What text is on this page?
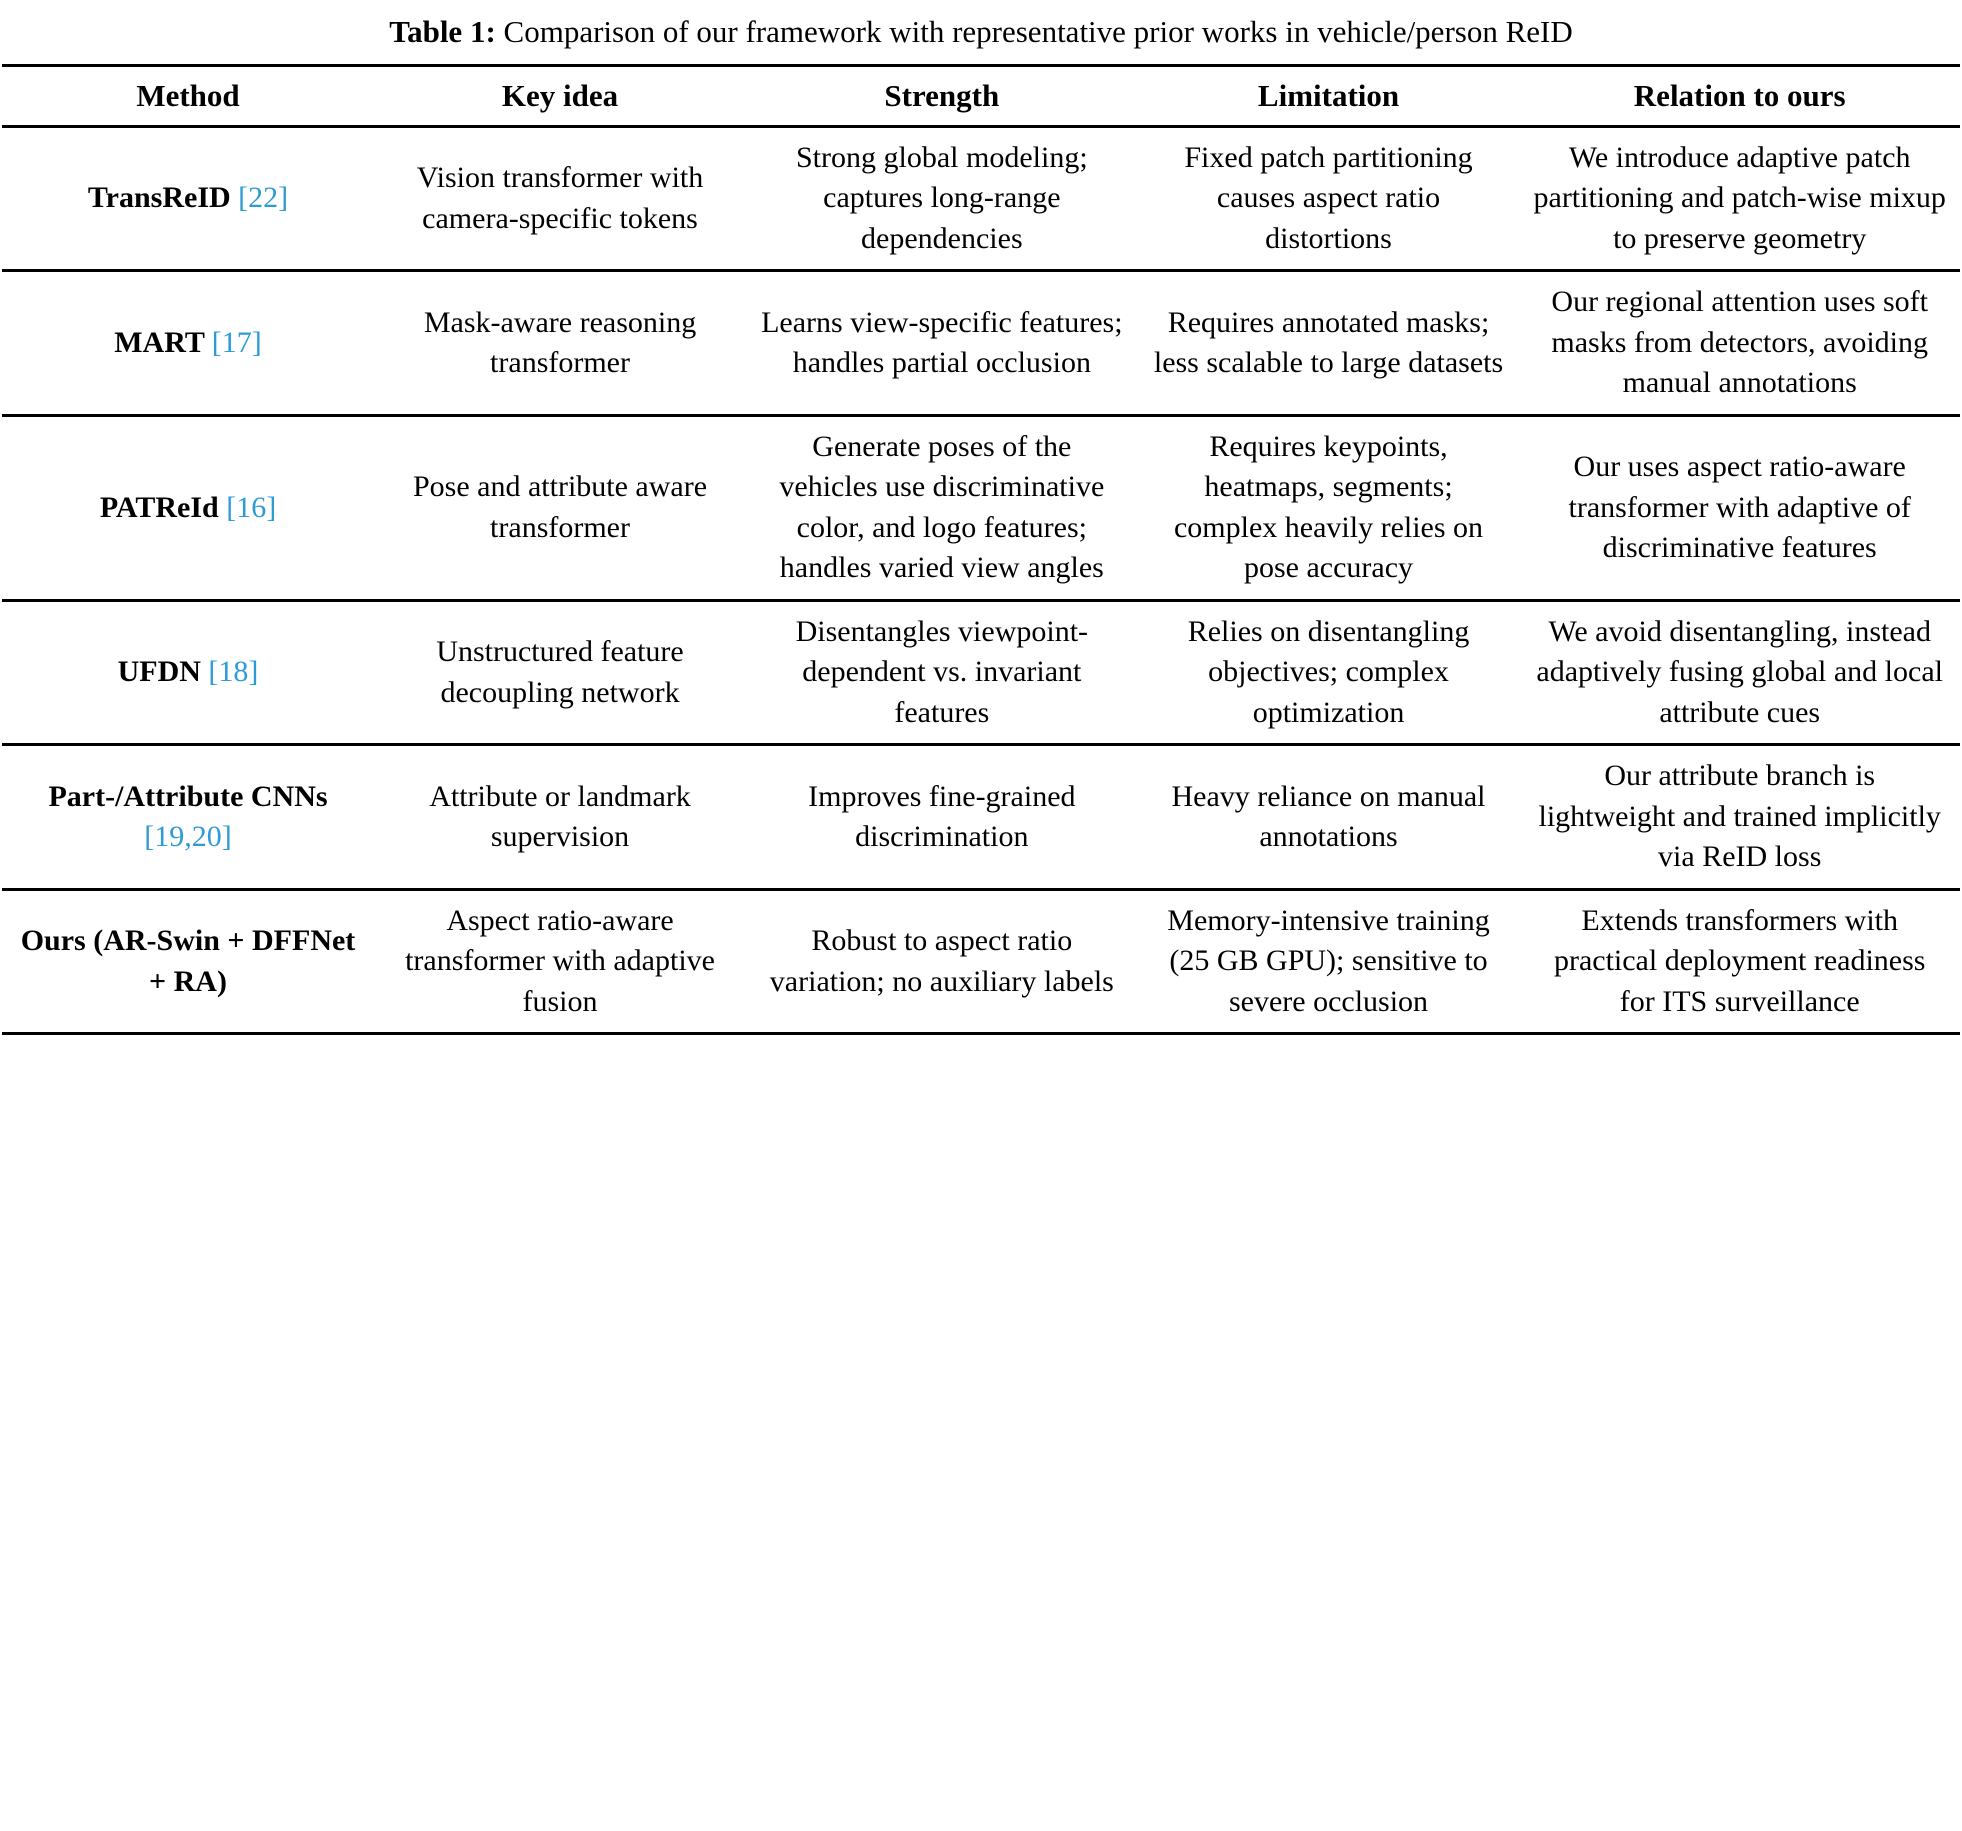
Table 1: Comparison of our framework with representative prior works in vehicle/person ReID
Method	Key idea	Strength	Limitation	Relation to ours
TransReID [22]	Vision transformer with camera-specific tokens	Strong global modeling; captures long-range dependencies	Fixed patch partitioning causes aspect ratio distortions	We introduce adaptive patch partitioning and patch-wise mixup to preserve geometry
MART [17]	Mask-aware reasoning transformer	Learns view-specific features; handles partial occlusion	Requires annotated masks; less scalable to large datasets	Our regional attention uses soft masks from detectors, avoiding manual annotations
PATReId [16]	Pose and attribute aware transformer	Generate poses of the vehicles use discriminative color, and logo features; handles varied view angles	Requires keypoints, heatmaps, segments; complex heavily relies on pose accuracy	Our uses aspect ratio-aware transformer with adaptive of discriminative features
UFDN [18]	Unstructured feature decoupling network	Disentangles viewpoint-dependent vs. invariant features	Relies on disentangling objectives; complex optimization	We avoid disentangling, instead adaptively fusing global and local attribute cues
Part-/Attribute CNNs [19,20]	Attribute or landmark supervision	Improves fine-grained discrimination	Heavy reliance on manual annotations	Our attribute branch is lightweight and trained implicitly via ReID loss
Ours (AR-Swin + DFFNet + RA)	Aspect ratio-aware transformer with adaptive fusion	Robust to aspect ratio variation; no auxiliary labels	Memory-intensive training (25 GB GPU); sensitive to severe occlusion	Extends transformers with practical deployment readiness for ITS surveillance
